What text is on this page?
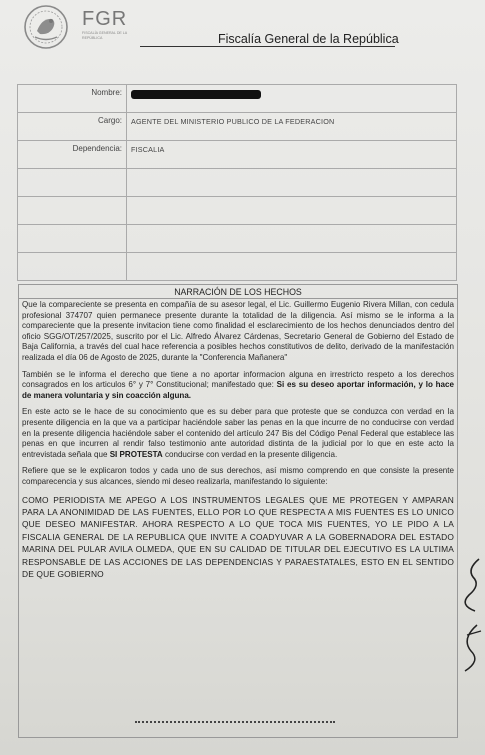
FGR
FISCALÍA GENERAL DE LA REPÚBLICA	Fiscalía General de la República
Nombre:	
Cargo:	AGENTE DEL MINISTERIO PUBLICO DE LA FEDERACION
Dependencia:	FISCALIA

NARRACIÓN DE LOS HECHOS

Que la compareciente se presenta en compañía de su asesor legal, el Lic. Guillermo Eugenio Rivera Millan, con cedula profesional 374707 quien permanece presente durante la totalidad de la diligencia. Así mismo se le informa a la compareciente que la presente invitacion tiene como finalidad el esclarecimiento de los hechos denunciados dentro del oficio SGG/OT/257/2025, suscrito por el Lic. Alfredo Álvarez Cárdenas, Secretario General de Gobierno del Estado de Baja California, a través del cual hace referencia a posibles hechos constitutivos de delito, derivado de la manifestación realizada el día 06 de Agosto de 2025, durante la "Conferencia Mañanera"

También se le informa el derecho que tiene a no aportar informacion alguna en irrestricto respeto a los derechos consagrados en los articulos 6° y 7° Constitucional; manifestado que: Si es su deseo aportar información, y lo hace de manera voluntaria y sin coacción alguna.

En este acto se le hace de su conocimiento que es su deber para que proteste que se conduzca con verdad en la presente diligencia en la que va a participar haciéndole saber las penas en la que incurre de no conducirse con verdad en la presente diligencia haciéndole saber el contenido del artículo 247 Bis del Código Penal Federal que establece las penas en que incurren al rendir falso testimonio ante autoridad distinta de la judicial por lo que en este acto la entrevistada señala que SI PROTESTA conducirse con verdad en la presente diligencia.

Refiere que se le explicaron todos y cada uno de sus derechos, así mismo comprendo en que consiste la presente comparecencia y sus alcances, siendo mi deseo realizarla, manifestando lo siguiente:

COMO PERIODISTA ME APEGO A LOS INSTRUMENTOS LEGALES QUE ME PROTEGEN Y AMPARAN PARA LA ANONIMIDAD DE LAS FUENTES, ELLO POR LO QUE RESPECTA A MIS FUENTES ES LO UNICO QUE DESEO MANIFESTAR. AHORA RESPECTO A LO QUE TOCA MIS FUENTES, YO LE PIDO A LA FISCALIA GENERAL DE LA REPUBLICA QUE INVITE A COADYUVAR A LA GOBERNADORA DEL ESTADO MARINA DEL PULAR AVILA OLMEDA, QUE EN SU CALIDAD DE TITULAR DEL EJECUTIVO ES LA ULTIMA RESPONSABLE DE LAS ACCIONES DE LAS DEPENDENCIAS Y PARAESTATALES, ESTO EN EL SENTIDO DE QUE GOBIERNO
